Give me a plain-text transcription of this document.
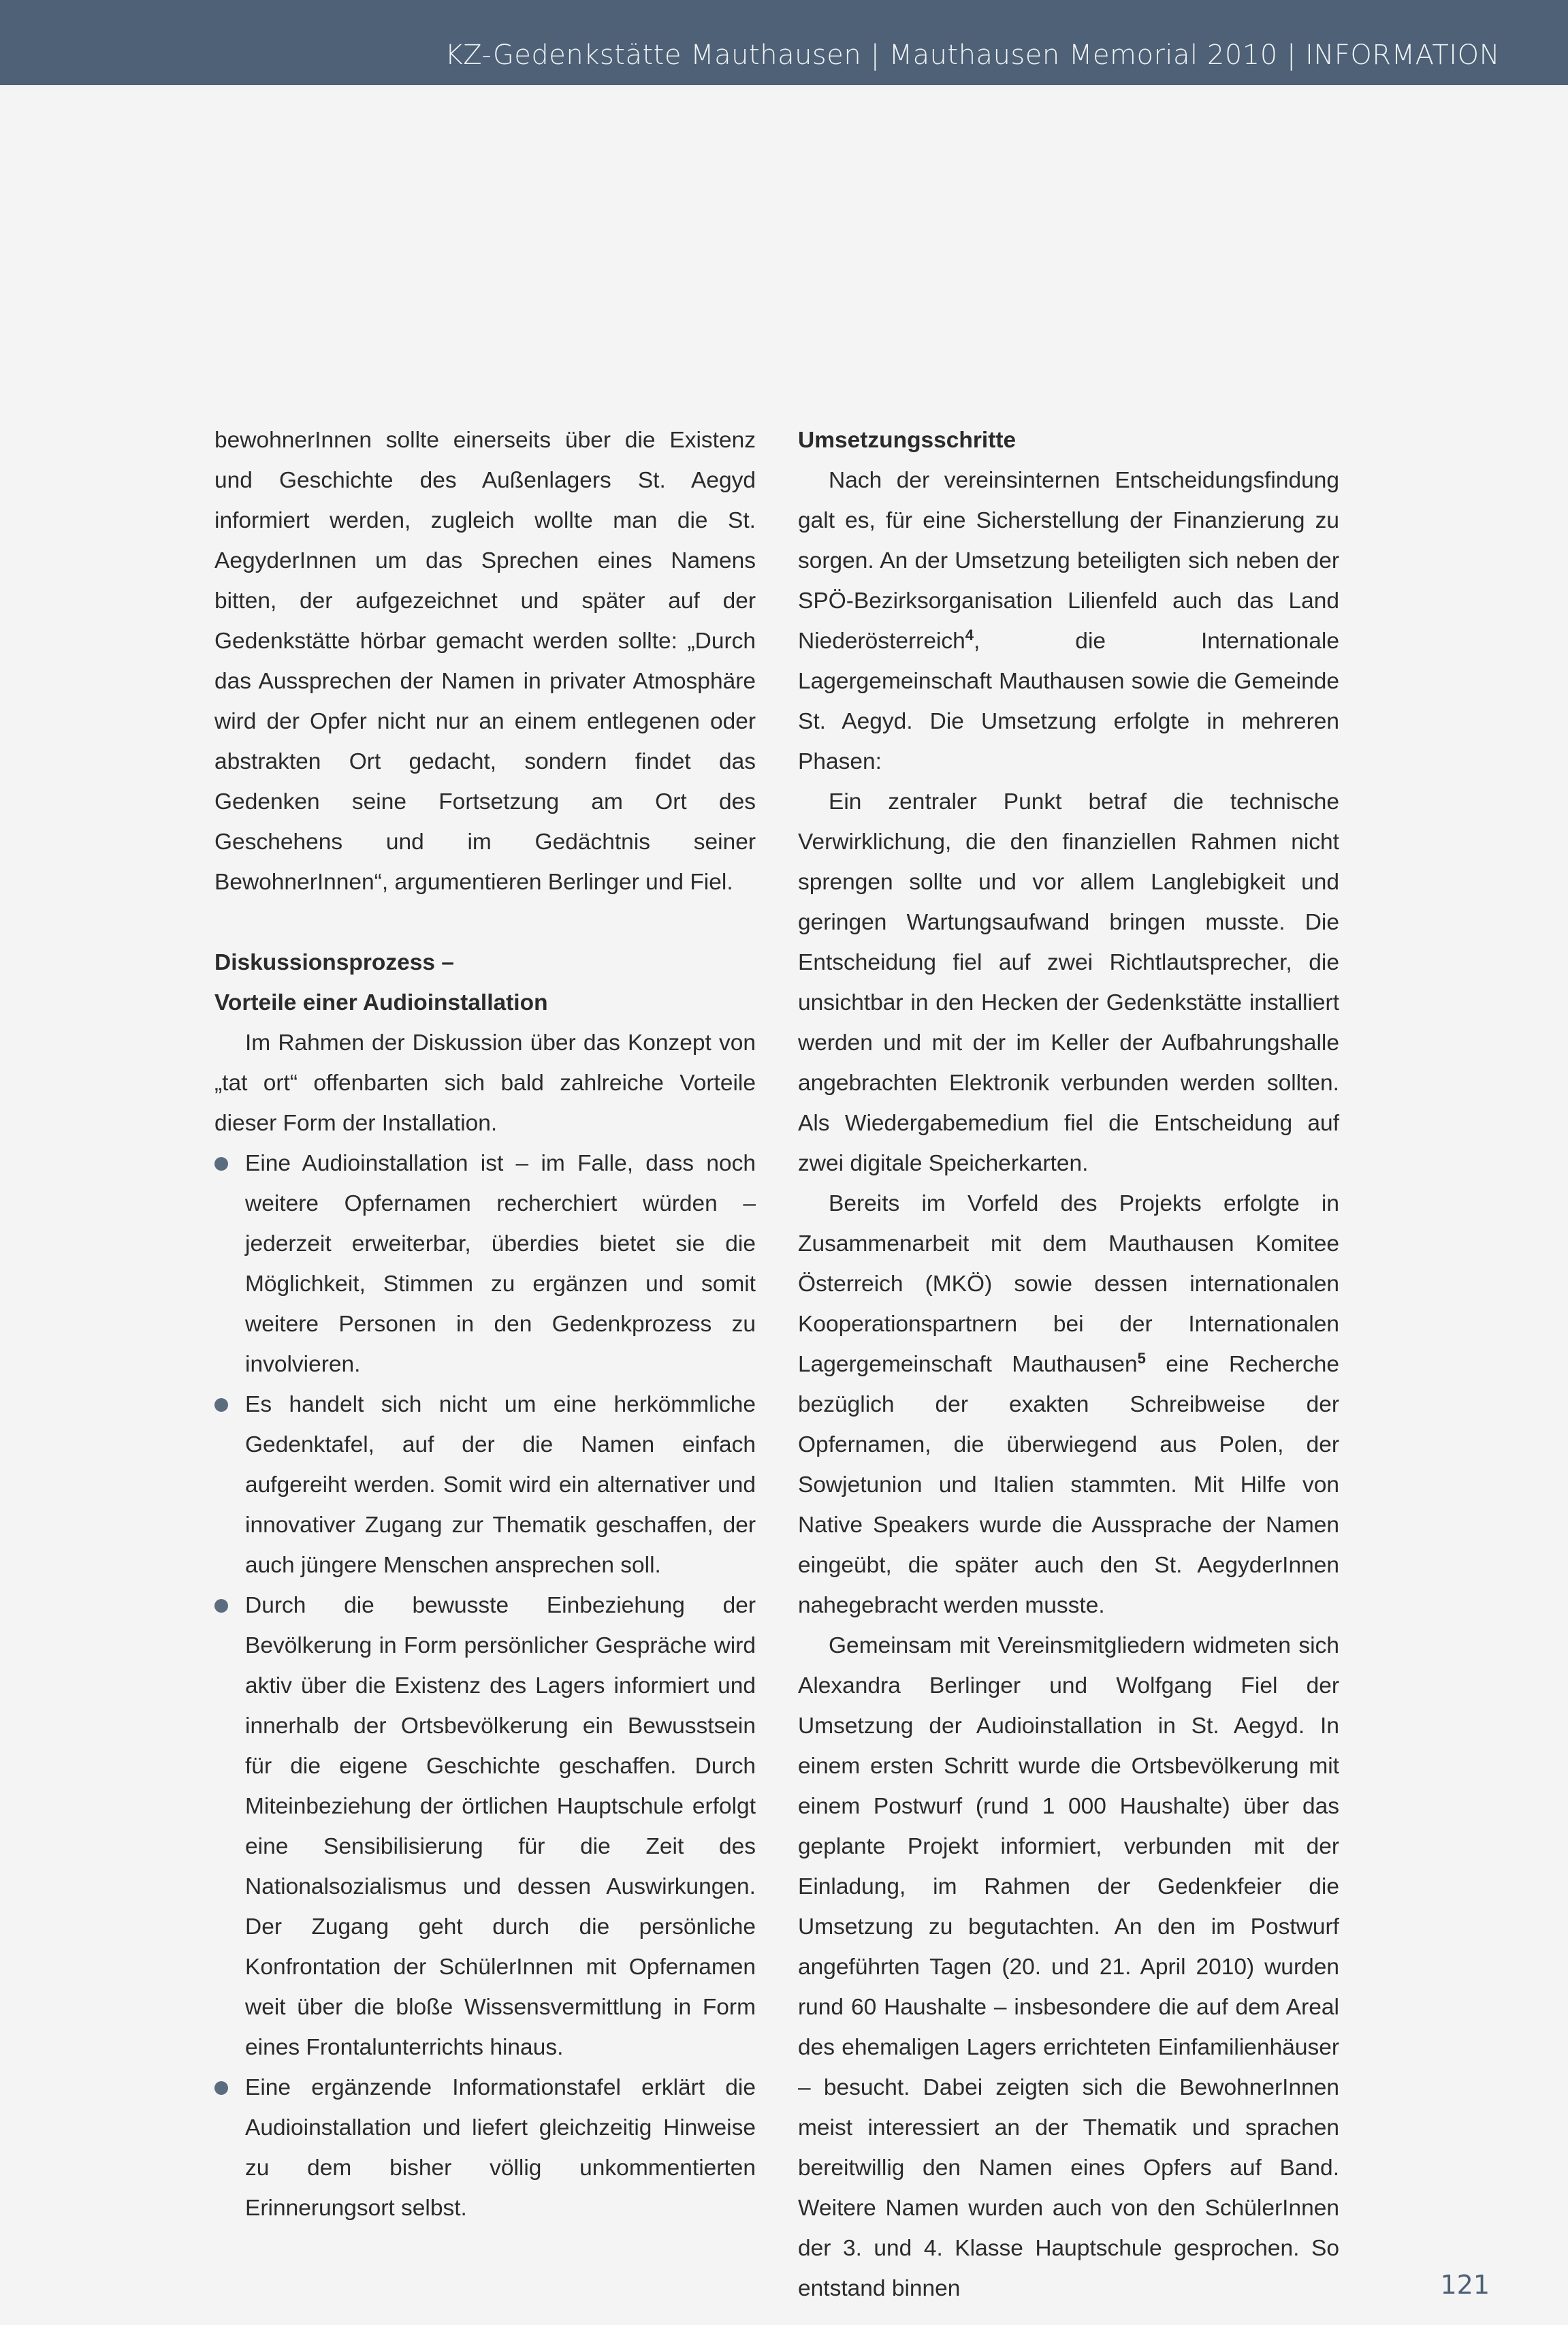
KZ-Gedenkstätte Mauthausen | Mauthausen Memorial 2010 | INFORMATION

bewohnerInnen sollte einerseits über die Existenz und Geschichte des Außenlagers St. Aegyd informiert werden, zugleich wollte man die St. AegyderInnen um das Sprechen eines Namens bitten, der aufgezeichnet und später auf der Gedenkstätte hörbar gemacht werden sollte: „Durch das Aussprechen der Namen in privater Atmosphäre wird der Opfer nicht nur an einem entlegenen oder abstrakten Ort gedacht, sondern findet das Gedenken seine Fortsetzung am Ort des Geschehens und im Gedächtnis seiner BewohnerInnen“, argumentieren Berlinger und Fiel.

Diskussionsprozess –

Vorteile einer Audioinstallation

Im Rahmen der Diskussion über das Konzept von „tat ort“ offenbarten sich bald zahlreiche Vorteile dieser Form der Installation.

Eine Audioinstallation ist – im Falle, dass noch weitere Opfernamen recherchiert würden – jederzeit erweiterbar, überdies bietet sie die Möglichkeit, Stimmen zu ergänzen und somit weitere Personen in den Gedenkprozess zu involvieren.
Es handelt sich nicht um eine herkömmliche Gedenktafel, auf der die Namen einfach aufgereiht werden. Somit wird ein alternativer und innovativer Zugang zur Thematik geschaffen, der auch jüngere Menschen ansprechen soll.
Durch die bewusste Einbeziehung der Bevölkerung in Form persönlicher Gespräche wird aktiv über die Existenz des Lagers informiert und innerhalb der Ortsbevölkerung ein Bewusstsein für die eigene Geschichte geschaffen. Durch Miteinbeziehung der örtlichen Hauptschule erfolgt eine Sensibilisierung für die Zeit des Nationalsozialismus und dessen Auswirkungen. Der Zugang geht durch die persönliche Konfrontation der SchülerInnen mit Opfernamen weit über die bloße Wissensvermittlung in Form eines Frontalunterrichts hinaus.
Eine ergänzende Informationstafel erklärt die Audioinstallation und liefert gleichzeitig Hinweise zu dem bisher völlig unkommentierten Erinnerungsort selbst.

Umsetzungsschritte

Nach der vereinsinternen Entscheidungsfindung galt es, für eine Sicherstellung der Finanzierung zu sorgen. An der Umsetzung beteiligten sich neben der SPÖ-Bezirksorganisation Lilienfeld auch das Land Niederösterreich$^4$, die Internationale Lagergemeinschaft Mauthausen sowie die Gemeinde St. Aegyd. Die Umsetzung erfolgte in mehreren Phasen:

Ein zentraler Punkt betraf die technische Verwirklichung, die den finanziellen Rahmen nicht sprengen sollte und vor allem Langlebigkeit und geringen Wartungsaufwand bringen musste. Die Entscheidung fiel auf zwei Richtlautsprecher, die unsichtbar in den Hecken der Gedenkstätte installiert werden und mit der im Keller der Aufbahrungshalle angebrachten Elektronik verbunden werden sollten. Als Wiedergabemedium fiel die Entscheidung auf zwei digitale Speicherkarten.

Bereits im Vorfeld des Projekts erfolgte in Zusammenarbeit mit dem Mauthausen Komitee Österreich (MKÖ) sowie dessen internationalen Kooperationspartnern bei der Internationalen Lagergemeinschaft Mauthausen$^5$ eine Recherche bezüglich der exakten Schreibweise der Opfernamen, die überwiegend aus Polen, der Sowjetunion und Italien stammten. Mit Hilfe von Native Speakers wurde die Aussprache der Namen eingeübt, die später auch den St. AegyderInnen nahegebracht werden musste.

Gemeinsam mit Vereinsmitgliedern widmeten sich Alexandra Berlinger und Wolfgang Fiel der Umsetzung der Audioinstallation in St. Aegyd. In einem ersten Schritt wurde die Ortsbevölkerung mit einem Postwurf (rund 1 000 Haushalte) über das geplante Projekt informiert, verbunden mit der Einladung, im Rahmen der Gedenkfeier die Umsetzung zu begutachten. An den im Postwurf angeführten Tagen (20. und 21. April 2010) wurden rund 60 Haushalte – insbesondere die auf dem Areal des ehemaligen Lagers errichteten Einfamilienhäuser – besucht. Dabei zeigten sich die BewohnerInnen meist interessiert an der Thematik und sprachen bereitwillig den Namen eines Opfers auf Band. Weitere Namen wurden auch von den SchülerInnen der 3. und 4. Klasse Hauptschule gesprochen. So entstand binnen	121
